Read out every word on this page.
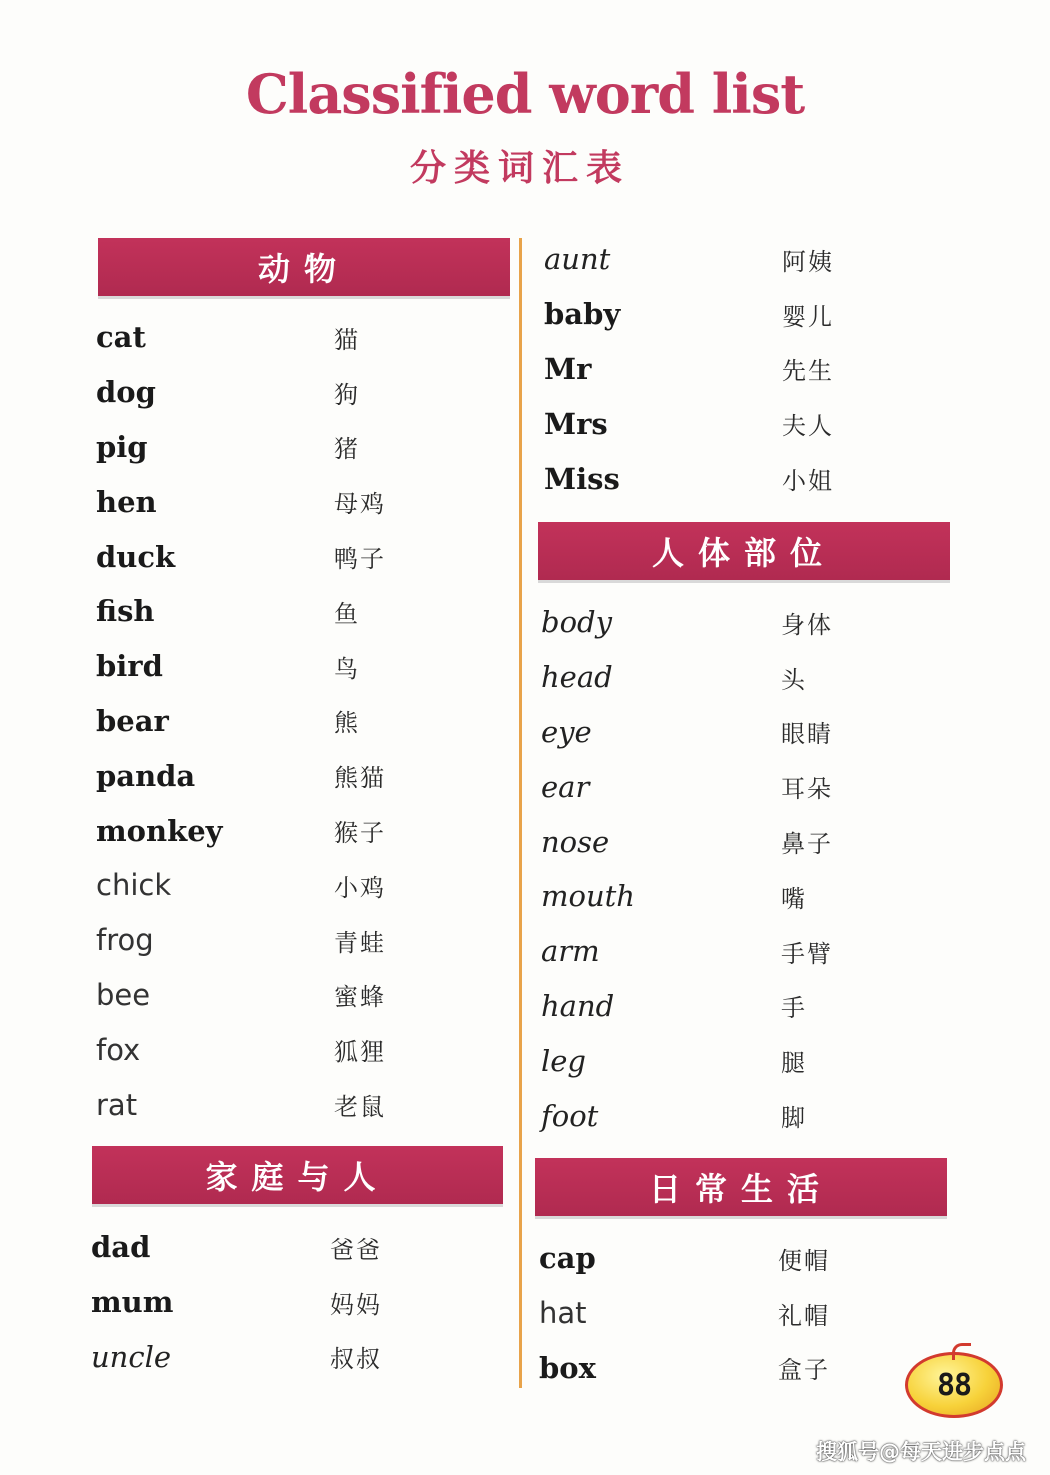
Classified word list
分类词汇表
动物
家庭与人
人体部位
日常生活
cat	猫
dog	狗
pig	猪
hen	母鸡
duck	鸭子
fish	鱼
bird	鸟
bear	熊
panda	熊猫
monkey	猴子
chick	小鸡
frog	青蛙
bee	蜜蜂
fox	狐狸
rat	老鼠
dad	爸爸
mum	妈妈
uncle	叔叔
aunt	阿姨
baby	婴儿
Mr	先生
Mrs	夫人
Miss	小姐
body	身体
head	头
eye	眼睛
ear	耳朵
nose	鼻子
mouth	嘴
arm	手臂
hand	手
leg	腿
foot	脚
cap	便帽
hat	礼帽
box	盒子	88

搜狐号@每天进步点点
